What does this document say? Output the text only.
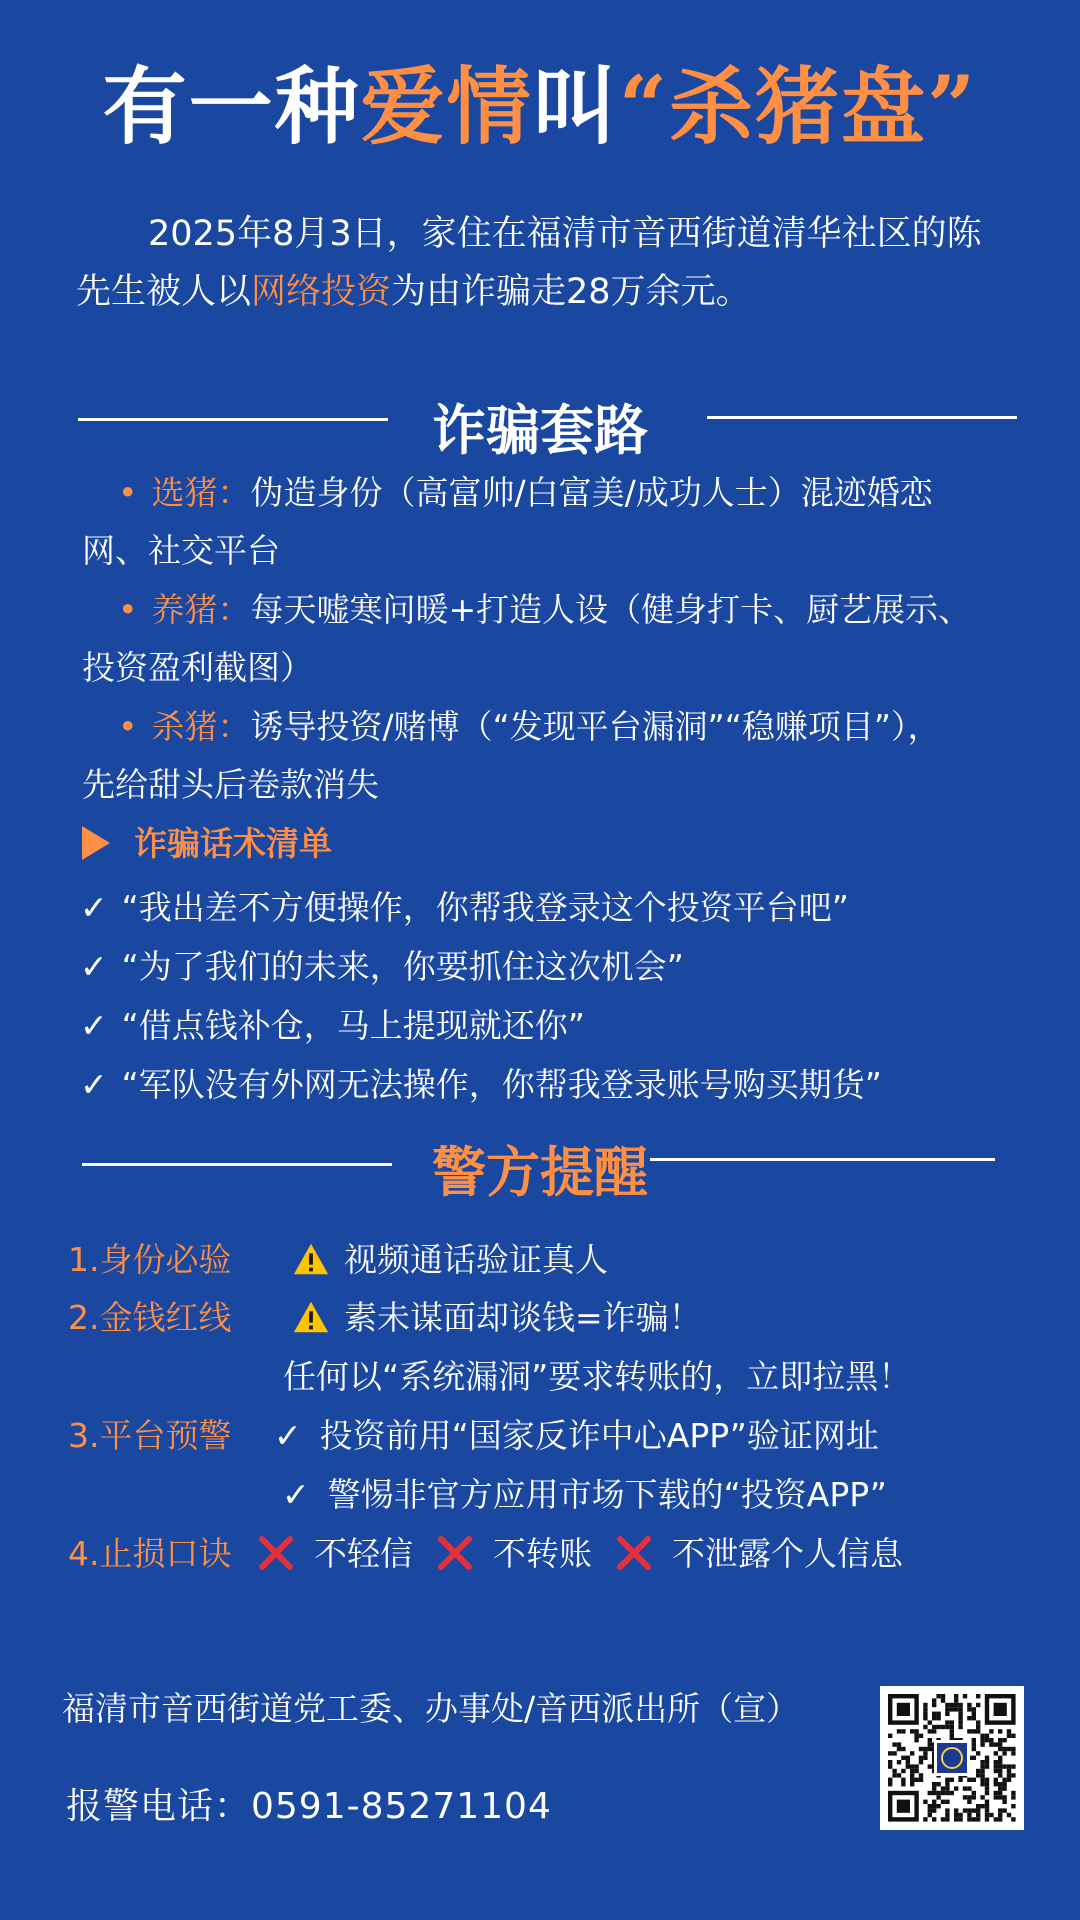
有一种爱情叫“杀猪盘”
2025年8月3日，家住在福清市音西街道清华社区的陈
先生被人以网络投资为由诈骗走28万余元。
诈骗套路
• 选猪：伪造身份（高富帅/白富美/成功人士）混迹婚恋
网、社交平台
• 养猪：每天嘘寒问暖+打造人设（健身打卡、厨艺展示、
投资盈利截图）
• 杀猪：诱导投资/赌博（“发现平台漏洞”“稳赚项目”），
先给甜头后卷款消失
诈骗话术清单
✓ “我出差不方便操作，你帮我登录这个投资平台吧”
✓ “为了我们的未来，你要抓住这次机会”
✓ “借点钱补仓，马上提现就还你”
✓ “军队没有外网无法操作，你帮我登录账号购买期货”
警方提醒
1.身份必验	视频通话验证真人
2.金钱红线	素未谋面却谈钱=诈骗！
任何以“系统漏洞”要求转账的，立即拉黑！
3.平台预警 ✓ 投资前用“国家反诈中心APP”验证网址
✓ 警惕非官方应用市场下载的“投资APP”
4.止损口诀	不轻信 不转账 不泄露个人信息
福清市音西街道党工委、办事处/音西派出所（宣）
报警电话：0591-85271104
